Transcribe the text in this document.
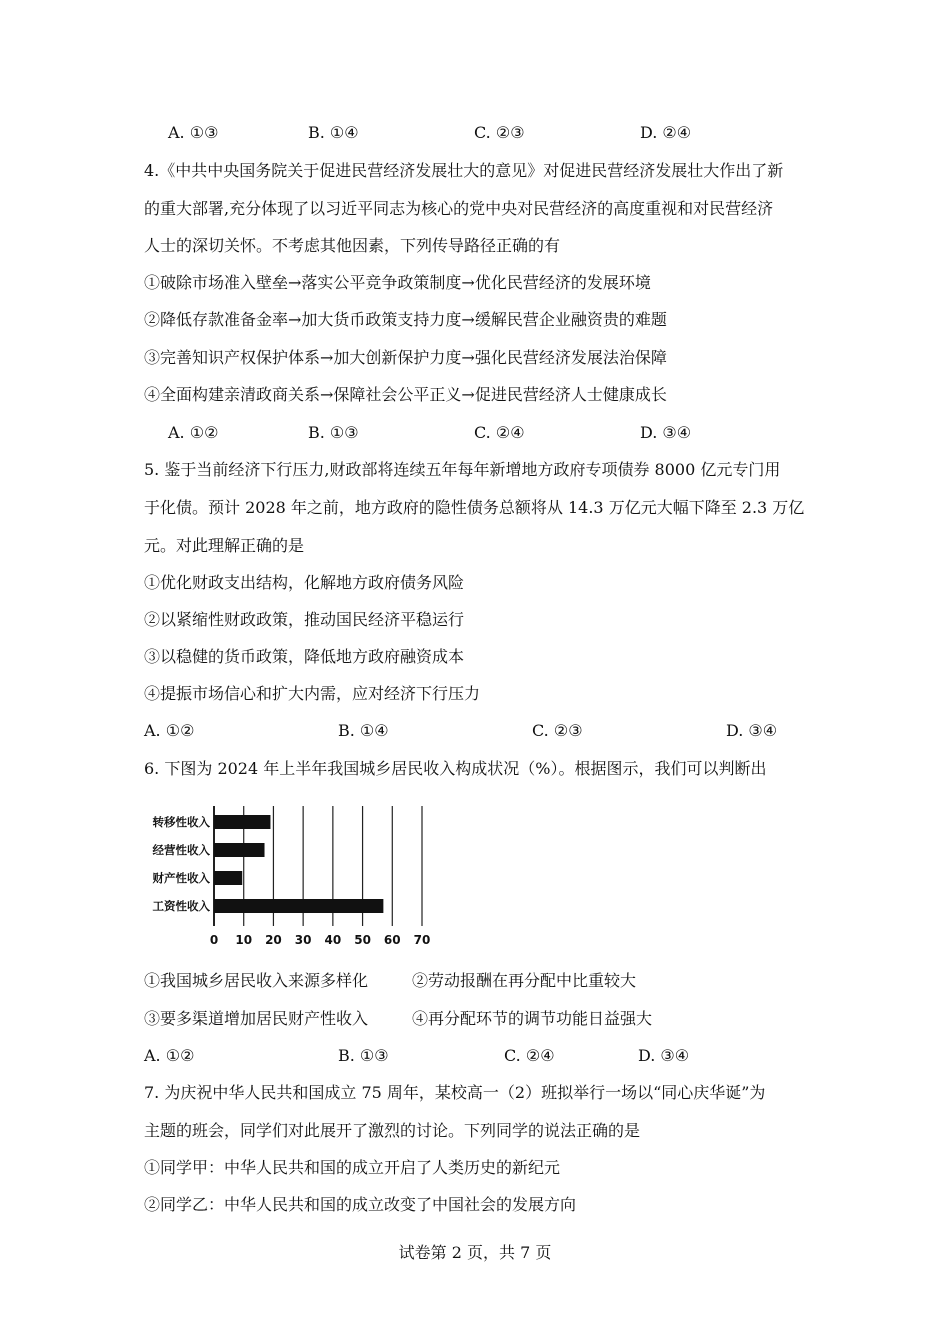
A. ①③	B. ①④	C. ②③	D. ②④
4.《中共中央国务院关于促进民营经济发展壮大的意见》对促进民营经济发展壮大作出了新
的重大部署,充分体现了以习近平同志为核心的党中央对民营经济的高度重视和对民营经济
人士的深切关怀。不考虑其他因素，下列传导路径正确的有
①破除市场准入壁垒→落实公平竞争政策制度→优化民营经济的发展环境
②降低存款准备金率→加大货币政策支持力度→缓解民营企业融资贵的难题
③完善知识产权保护体系→加大创新保护力度→强化民营经济发展法治保障
④全面构建亲清政商关系→保障社会公平正义→促进民营经济人士健康成长
A. ①②	B. ①③	C. ②④	D. ③④
5. 鉴于当前经济下行压力,财政部将连续五年每年新增地方政府专项债券 8000 亿元专门用
于化债。预计 2028 年之前，地方政府的隐性债务总额将从 14.3 万亿元大幅下降至 2.3 万亿
元。对此理解正确的是
①优化财政支出结构，化解地方政府债务风险
②以紧缩性财政政策，推动国民经济平稳运行
③以稳健的货币政策，降低地方政府融资成本
④提振市场信心和扩大内需，应对经济下行压力
A. ①②	B. ①④	C. ②③	D. ③④
6. 下图为 2024 年上半年我国城乡居民收入构成状况（%）。根据图示，我们可以判断出
转移性收入
经营性收入
财产性收入
工资性收入
0 10 20 30 40 50 60 70
①我国城乡居民收入来源多样化	②劳动报酬在再分配中比重较大
③要多渠道增加居民财产性收入	④再分配环节的调节功能日益强大
A. ①②	B. ①③	C. ②④	D. ③④
7. 为庆祝中华人民共和国成立 75 周年，某校高一（2）班拟举行一场以“同心庆华诞”为
主题的班会，同学们对此展开了激烈的讨论。下列同学的说法正确的是
①同学甲：中华人民共和国的成立开启了人类历史的新纪元
②同学乙：中华人民共和国的成立改变了中国社会的发展方向
试卷第 2 页，共 7 页
